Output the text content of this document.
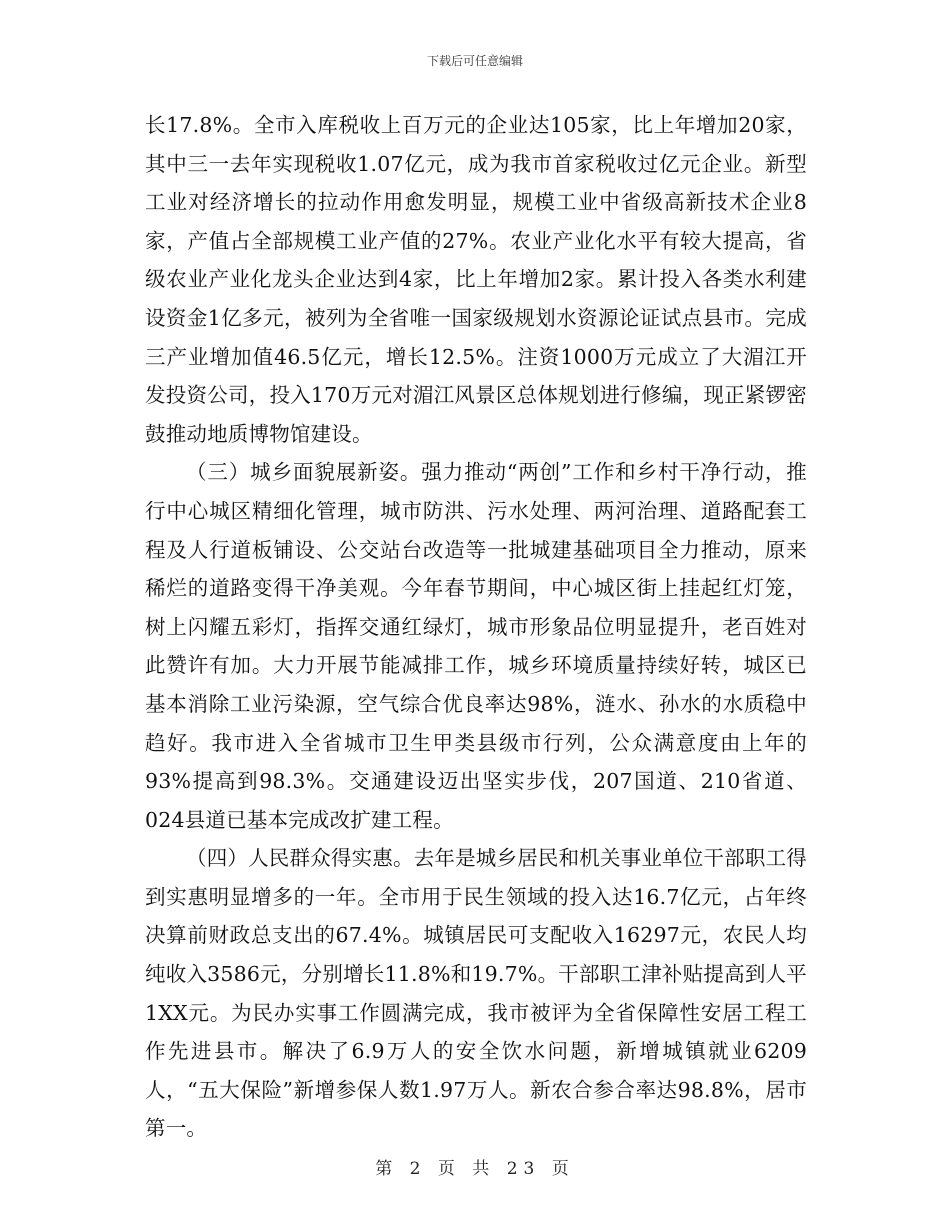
下载后可任意编辑

长17.8%。全市入库税收上百万元的企业达105家，比上年增加20家，其中三一去年实现税收1.07亿元，成为我市首家税收过亿元企业。新型工业对经济增长的拉动作用愈发明显，规模工业中省级高新技术企业8家，产值占全部规模工业产值的27%。农业产业化水平有较大提高，省级农业产业化龙头企业达到4家，比上年增加2家。累计投入各类水利建设资金1亿多元，被列为全省唯一国家级规划水资源论证试点县市。完成三产业增加值46.5亿元，增长12.5%。注资1000万元成立了大湄江开发投资公司，投入170万元对湄江风景区总体规划进行修编，现正紧锣密鼓推动地质博物馆建设。

（三）城乡面貌展新姿。强力推动“两创”工作和乡村干净行动，推行中心城区精细化管理，城市防洪、污水处理、两河治理、道路配套工程及人行道板铺设、公交站台改造等一批城建基础项目全力推动，原来稀烂的道路变得干净美观。今年春节期间，中心城区街上挂起红灯笼，树上闪耀五彩灯，指挥交通红绿灯，城市形象品位明显提升，老百姓对此赞许有加。大力开展节能减排工作，城乡环境质量持续好转，城区已基本消除工业污染源，空气综合优良率达98%，涟水、孙水的水质稳中趋好。我市进入全省城市卫生甲类县级市行列，公众满意度由上年的93%提高到98.3%。交通建设迈出坚实步伐，207国道、210省道、024县道已基本完成改扩建工程。

（四）人民群众得实惠。去年是城乡居民和机关事业单位干部职工得到实惠明显增多的一年。全市用于民生领域的投入达16.7亿元，占年终决算前财政总支出的67.4%。城镇居民可支配收入16297元，农民人均纯收入3586元，分别增长11.8%和19.7%。干部职工津补贴提高到人平1XX元。为民办实事工作圆满完成，我市被评为全省保障性安居工程工作先进县市。解决了6.9万人的安全饮水问题，新增城镇就业6209人，“五大保险”新增参保人数1.97万人。新农合参合率达98.8%，居市第一。

第 2 页 共 23 页
